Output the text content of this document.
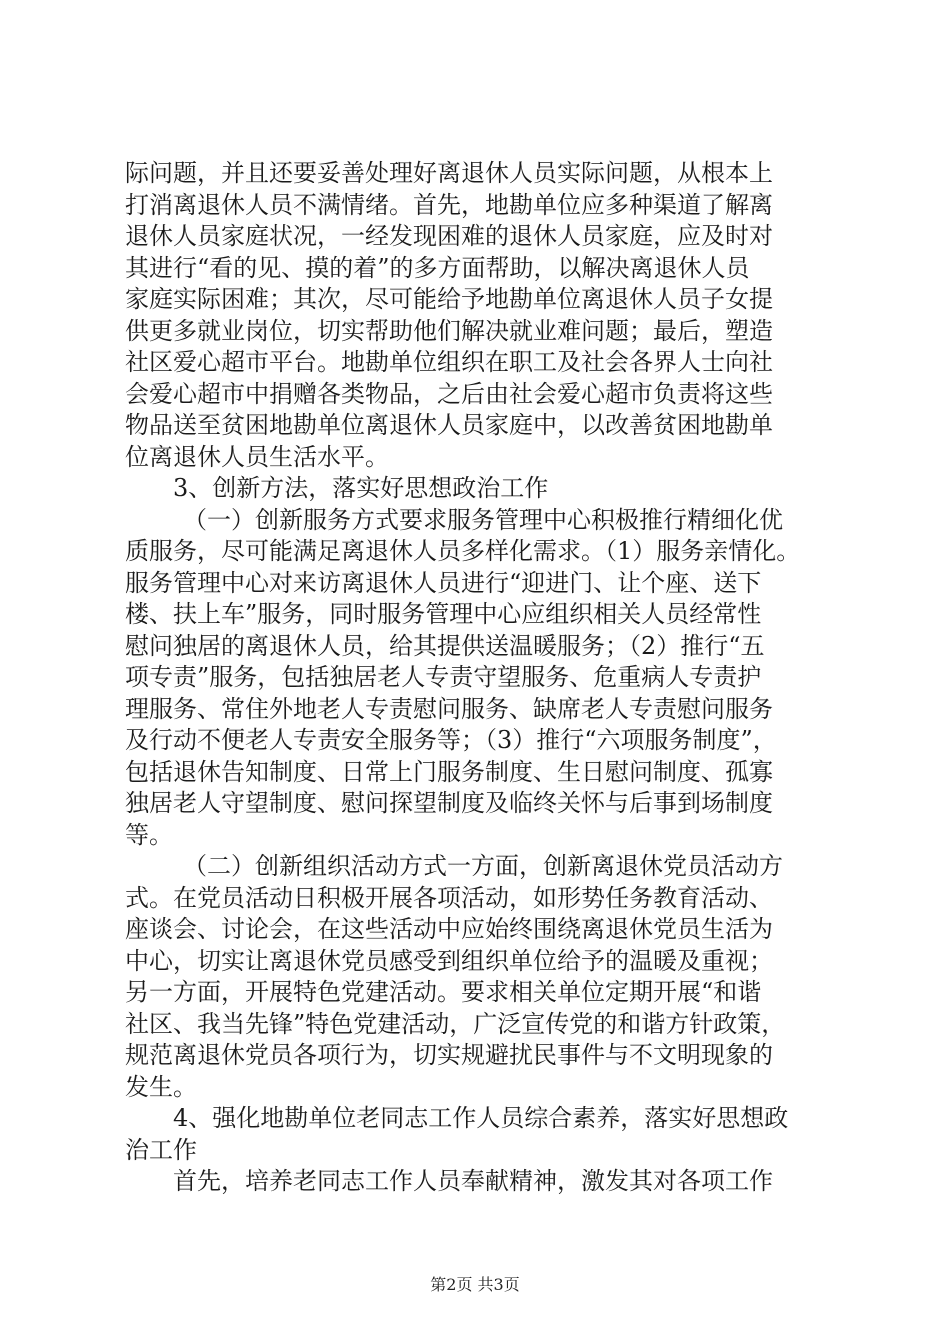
际问题，并且还要妥善处理好离退休人员实际问题，从根本上
打消离退休人员不满情绪。首先，地勘单位应多种渠道了解离
退休人员家庭状况，一经发现困难的退休人员家庭，应及时对
其进行“看的见、摸的着”的多方面帮助，以解决离退休人员
家庭实际困难；其次，尽可能给予地勘单位离退休人员子女提
供更多就业岗位，切实帮助他们解决就业难问题；最后，塑造
社区爱心超市平台。地勘单位组织在职工及社会各界人士向社
会爱心超市中捐赠各类物品，之后由社会爱心超市负责将这些
物品送至贫困地勘单位离退休人员家庭中，以改善贫困地勘单
位离退休人员生活水平。
3、创新方法，落实好思想政治工作
（一）创新服务方式要求服务管理中心积极推行精细化优
质服务，尽可能满足离退休人员多样化需求。（1）服务亲情化。
服务管理中心对来访离退休人员进行“迎进门、让个座、送下
楼、扶上车”服务，同时服务管理中心应组织相关人员经常性
慰问独居的离退休人员，给其提供送温暖服务；（2）推行“五
项专责”服务，包括独居老人专责守望服务、危重病人专责护
理服务、常住外地老人专责慰问服务、缺席老人专责慰问服务
及行动不便老人专责安全服务等；（3）推行“六项服务制度”，
包括退休告知制度、日常上门服务制度、生日慰问制度、孤寡
独居老人守望制度、慰问探望制度及临终关怀与后事到场制度
等。
（二）创新组织活动方式一方面，创新离退休党员活动方
式。在党员活动日积极开展各项活动，如形势任务教育活动、
座谈会、讨论会，在这些活动中应始终围绕离退休党员生活为
中心，切实让离退休党员感受到组织单位给予的温暖及重视；
另一方面，开展特色党建活动。要求相关单位定期开展“和谐
社区、我当先锋”特色党建活动，广泛宣传党的和谐方针政策，
规范离退休党员各项行为，切实规避扰民事件与不文明现象的
发生。
4、强化地勘单位老同志工作人员综合素养，落实好思想政
治工作
首先，培养老同志工作人员奉献精神，激发其对各项工作
第2页 共3页
